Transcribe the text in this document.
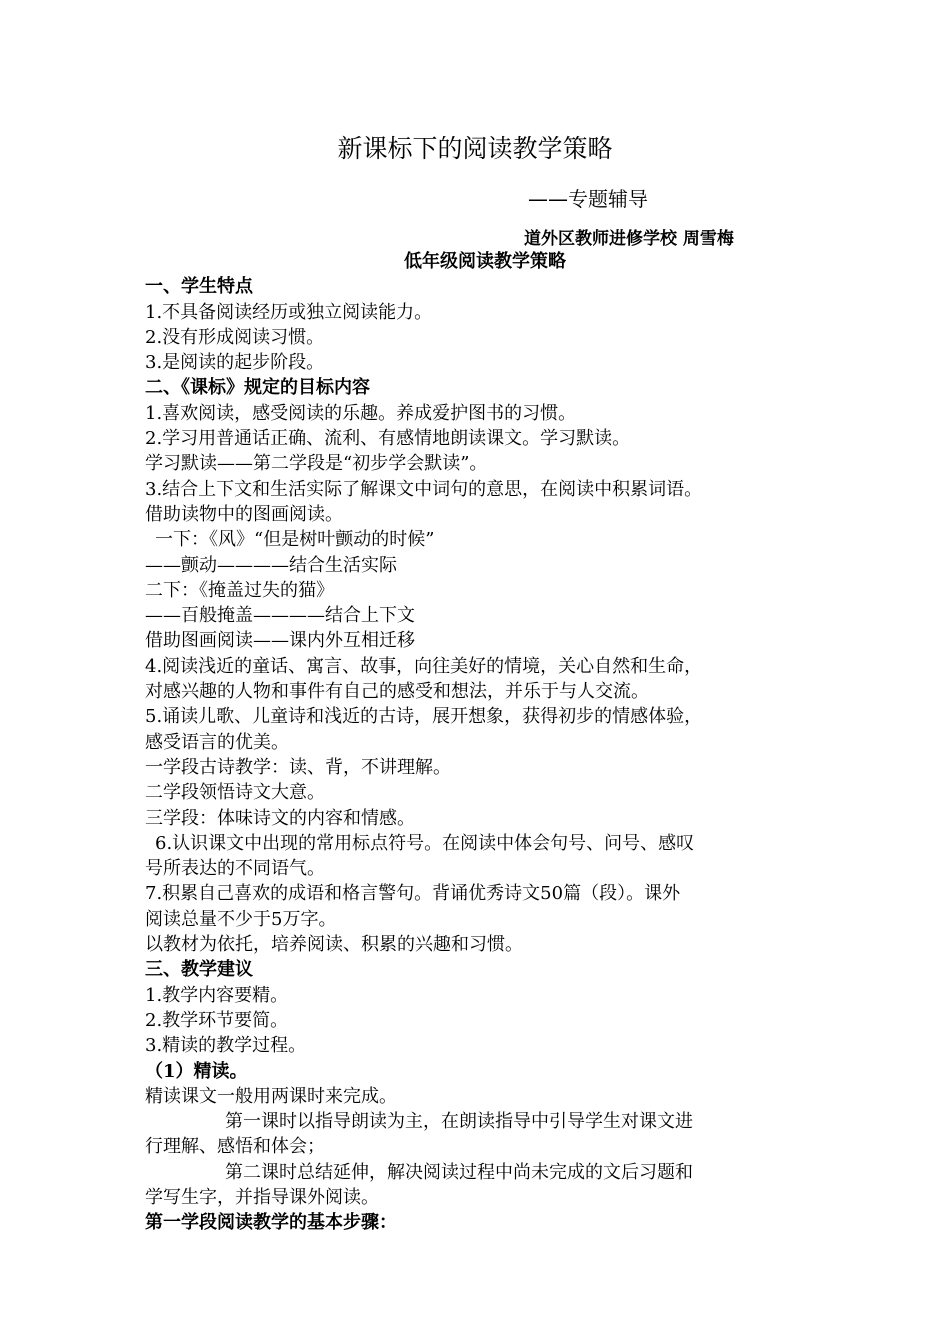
新课标下的阅读教学策略
——专题辅导
道外区教师进修学校 周雪梅
低年级阅读教学策略
一、学生特点
1.不具备阅读经历或独立阅读能力。
2.没有形成阅读习惯。
3.是阅读的起步阶段。
二、《课标》规定的目标内容
1.喜欢阅读，感受阅读的乐趣。养成爱护图书的习惯。
2.学习用普通话正确、流利、有感情地朗读课文。学习默读。
学习默读——第二学段是“初步学会默读”。
3.结合上下文和生活实际了解课文中词句的意思，在阅读中积累词语。
借助读物中的图画阅读。
一下：《风》“但是树叶颤动的时候”
——颤动————结合生活实际
二下：《掩盖过失的猫》
——百般掩盖————结合上下文
借助图画阅读——课内外互相迁移
4.阅读浅近的童话、寓言、故事，向往美好的情境，关心自然和生命，
对感兴趣的人物和事件有自己的感受和想法，并乐于与人交流。
5.诵读儿歌、儿童诗和浅近的古诗，展开想象，获得初步的情感体验，
感受语言的优美。
一学段古诗教学：读、背，不讲理解。
二学段领悟诗文大意。
三学段：体味诗文的内容和情感。
6.认识课文中出现的常用标点符号。在阅读中体会句号、问号、感叹
号所表达的不同语气。
7.积累自己喜欢的成语和格言警句。背诵优秀诗文50篇（段）。课外
阅读总量不少于5万字。
以教材为依托，培养阅读、积累的兴趣和习惯。
三、教学建议
1.教学内容要精。
2.教学环节要简。
3.精读的教学过程。
（1）精读。
精读课文一般用两课时来完成。
第一课时以指导朗读为主，在朗读指导中引导学生对课文进
行理解、感悟和体会；
第二课时总结延伸，解决阅读过程中尚未完成的文后习题和
学写生字，并指导课外阅读。
第一学段阅读教学的基本步骤：
